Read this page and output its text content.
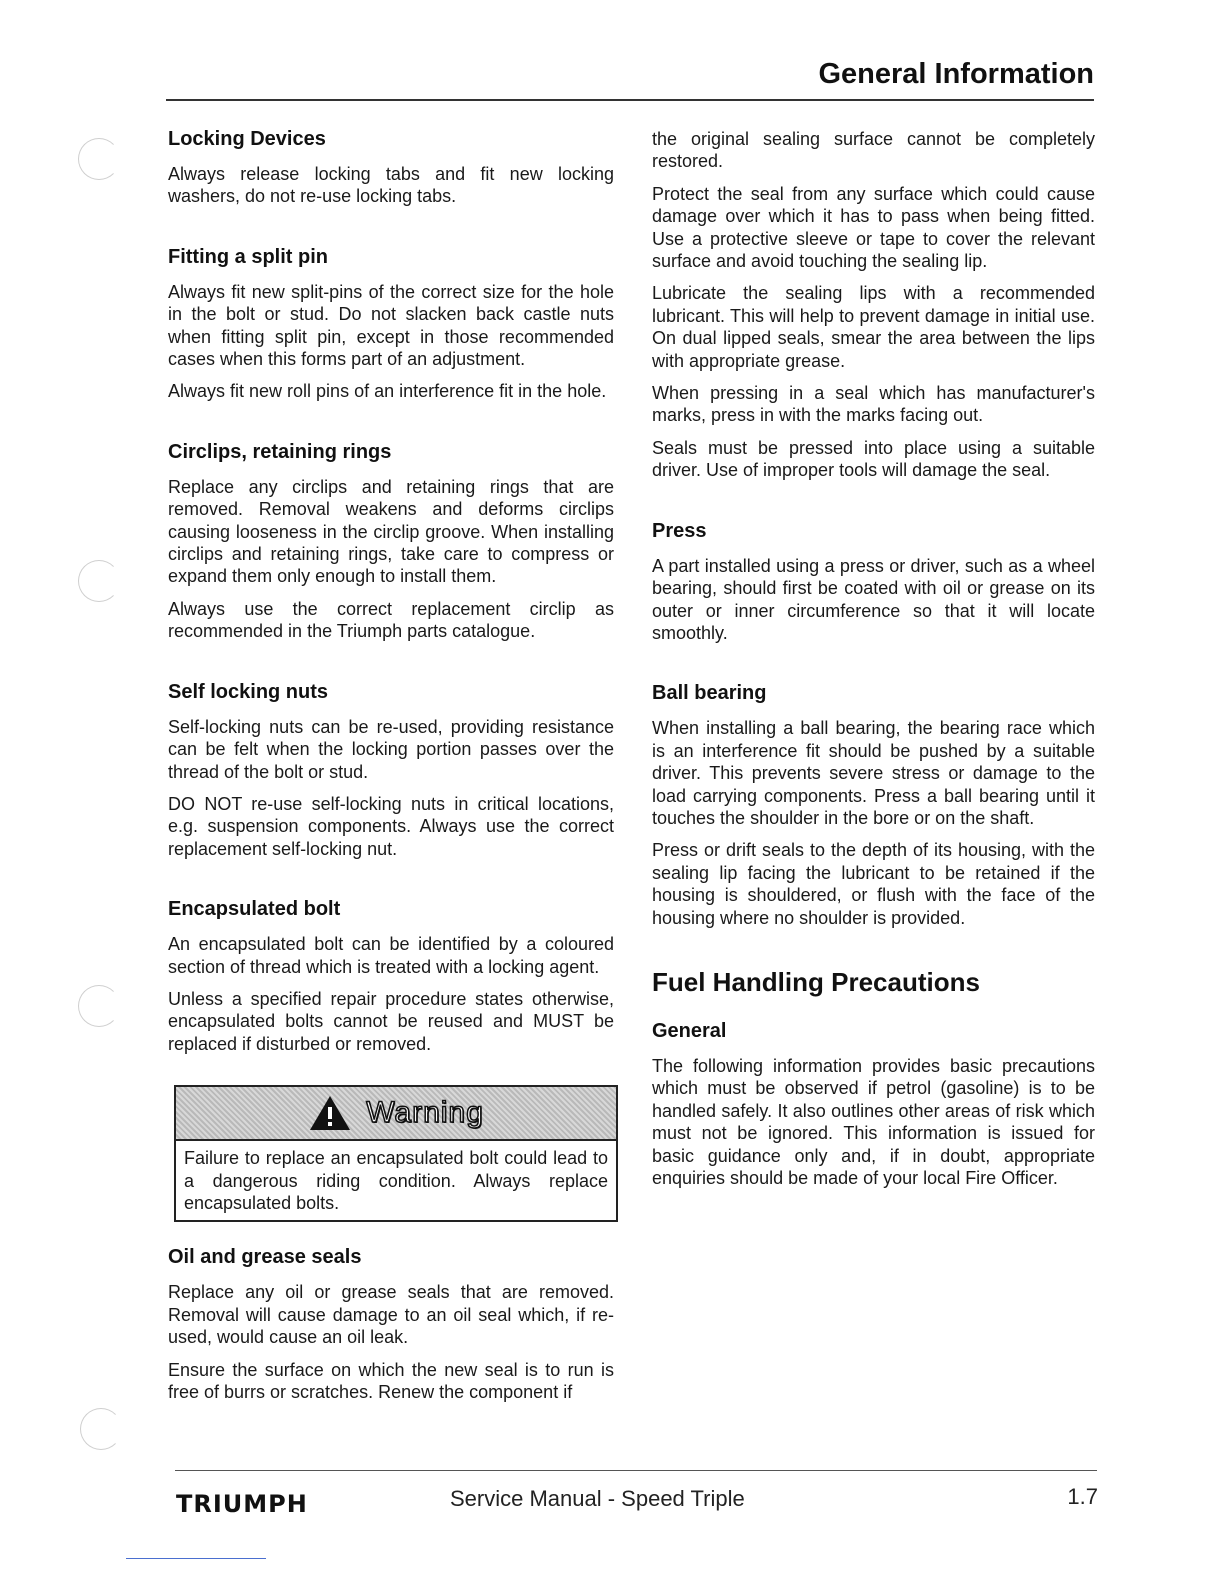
General Information
Locking Devices

Always release locking tabs and fit new locking washers, do not re-use locking tabs.

Fitting a split pin

Always fit new split-pins of the correct size for the hole in the bolt or stud. Do not slacken back castle nuts when fitting split pin, except in those recommended cases when this forms part of an adjustment.

Always fit new roll pins of an interference fit in the hole.

Circlips, retaining rings

Replace any circlips and retaining rings that are removed. Removal weakens and deforms circlips causing looseness in the circlip groove. When installing circlips and retaining rings, take care to compress or expand them only enough to install them.

Always use the correct replacement circlip as recommended in the Triumph parts catalogue.

Self locking nuts

Self-locking nuts can be re-used, providing resistance can be felt when the locking portion passes over the thread of the bolt or stud.

DO NOT re-use self-locking nuts in critical locations, e.g. suspension components. Always use the correct replacement self-locking nut.

Encapsulated bolt

An encapsulated bolt can be identified by a coloured section of thread which is treated with a locking agent.

Unless a specified repair procedure states otherwise, encapsulated bolts cannot be reused and MUST be replaced if disturbed or removed.

Warning
Failure to replace an encapsulated bolt could lead to a dangerous riding condition. Always replace encapsulated bolts.
Oil and grease seals

Replace any oil or grease seals that are removed. Removal will cause damage to an oil seal which, if re-used, would cause an oil leak.

Ensure the surface on which the new seal is to run is free of burrs or scratches. Renew the component if

the original sealing surface cannot be completely restored.

Protect the seal from any surface which could cause damage over which it has to pass when being fitted. Use a protective sleeve or tape to cover the relevant surface and avoid touching the sealing lip.

Lubricate the sealing lips with a recommended lubricant. This will help to prevent damage in initial use. On dual lipped seals, smear the area between the lips with appropriate grease.

When pressing in a seal which has manufacturer's marks, press in with the marks facing out.

Seals must be pressed into place using a suitable driver. Use of improper tools will damage the seal.

Press

A part installed using a press or driver, such as a wheel bearing, should first be coated with oil or grease on its outer or inner circumference so that it will locate smoothly.

Ball bearing

When installing a ball bearing, the bearing race which is an interference fit should be pushed by a suitable driver. This prevents severe stress or damage to the load carrying components. Press a ball bearing until it touches the shoulder in the bore or on the shaft.

Press or drift seals to the depth of its housing, with the sealing lip facing the lubricant to be retained if the housing is shouldered, or flush with the face of the housing where no shoulder is provided.

Fuel Handling Precautions
General

The following information provides basic precautions which must be observed if petrol (gasoline) is to be handled safely. It also outlines other areas of risk which must not be ignored. This information is issued for basic guidance only and, if in doubt, appropriate enquiries should be made of your local Fire Officer.

TRIUMPH	Service Manual - Speed Triple	1.7
